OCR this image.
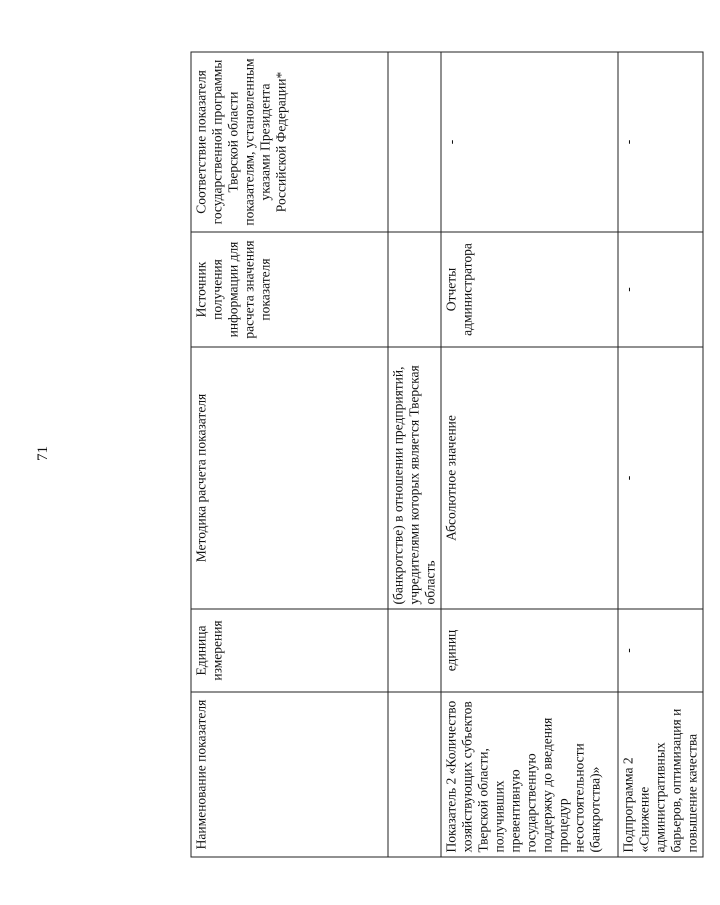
71
Наименование показателя	Единица измерения	Методика расчета показателя	Источник получения информации для расчета значения показателя	Соответствие показателя государственной программы Тверской области показателям, установленным указами Президента Российской Федерации*
		(банкротстве) в отношении предприятий, учредителями которых является Тверская область		
Показатель 2 «Количество хозяйствующих субъектов Тверской области, получивших превентивную государственную поддержку до введения процедур несостоятельности (банкротства)»	единиц	Абсолютное значение	Отчеты администратора	-
Подпрограмма 2 «Снижение административных барьеров, оптимизация и повышение качества	-	-	-	-
